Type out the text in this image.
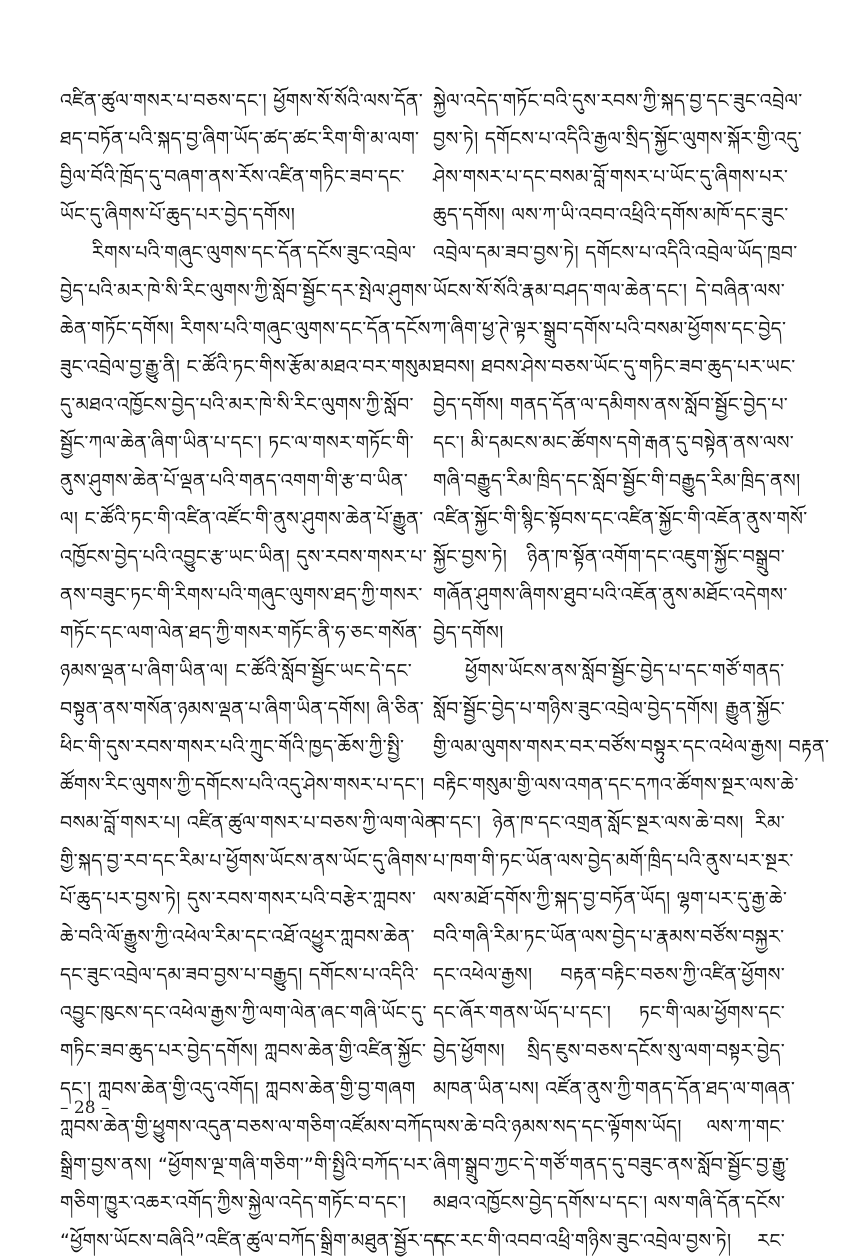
འཛིན་ཚུལ་གསར་པ་བཅས་དང་། ཕྱོགས་སོ་སོའི་ལས་དོན་
ཐད་བཏོན་པའི་སྐད་བྱ་ཞིག་ཡོད་ཚད་ཚང་རིག་གི་མ་ལག་
བྱིལ་བོའི་ཁྲོད་དུ་བཞག་ནས་རོས་འཛིན་གཏིང་ཟབ་དང་
ཡོང་དུ་ཞིགས་པོ་ཆུད་པར་བྱེད་དགོས།
རིགས་པའི་གཞུང་ལུགས་དང་དོན་དངོས་ཟུང་འབྲེལ་
བྱེད་པའི་མར་ཁེ་སི་རིང་ལུགས་ཀྱི་སློབ་སྦྱོང་དར་སྤེལ་ཤུགས་
ཆེན་གཏོང་དགོས། རིགས་པའི་གཞུང་ལུགས་དང་དོན་དངོས་
ཟུང་འབྲེལ་བྱ་རྒྱུ་ནི། ང་ཚོའི་ཏང་གིས་རྩོམ་མཐའ་བར་གསུམ་
དུ་མཐའ་འཁྱོངས་བྱེད་པའི་མར་ཁེ་སི་རིང་ལུགས་ཀྱི་སློབ་
སྦྱོང་ཀལ་ཆེན་ཞིག་ཡིན་པ་དང་། ཏང་ལ་གསར་གཏོང་གི་
ནུས་ཤུགས་ཆེན་པོ་ལྡན་པའི་གནད་འགག་གི་རྩ་བ་ཡིན་
ལ། ང་ཚོའི་ཏང་གི་འཛིན་འཛོང་གི་ནུས་ཤུགས་ཆེན་པོ་རྒྱུན་
འཁྱོངས་བྱེད་པའི་འབྱུང་རྩ་ཡང་ཡིན། དུས་རབས་གསར་པ་
ནས་བཟུང་ཏང་གི་རིགས་པའི་གཞུང་ལུགས་ཐད་ཀྱི་གསར་
གཏོང་དང་ལག་ལེན་ཐད་ཀྱི་གསར་གཏོང་ནི་ཧ་ཅང་གསོན་
ཉམས་ལྡན་པ་ཞིག་ཡིན་ལ། ང་ཚོའི་སློབ་སྦྱོང་ཡང་དེ་དང་
བསྟུན་ནས་གསོན་ཉམས་ལྡན་པ་ཞིག་ཡིན་དགོས། ཞི་ཅིན་
ཕིང་གི་དུས་རབས་གསར་པའི་ཀྲུང་གོའི་ཁྱད་ཆོས་ཀྱི་སྤྱི་
ཚོགས་རིང་ལུགས་ཀྱི་དགོངས་པའི་འདུ་ཤེས་གསར་པ་དང་།
བསམ་བློ་གསར་པ། འཛིན་ཚུལ་གསར་པ་བཅས་ཀྱི་ལག་ལེན་
གྱི་སྐད་བྱ་རབ་དང་རིམ་པ་ཕྱོགས་ཡོངས་ནས་ཡོང་དུ་ཞིགས་
པོ་ཆུད་པར་བྱས་ཏེ། དུས་རབས་གསར་པའི་བརྩེར་ཀླབས་
ཆེ་བའི་ལོ་རྒྱུས་ཀྱི་འཕེལ་རིམ་དང་འཐོ་འཕྱུར་ཀླབས་ཆེན་
དང་ཟུང་འབྲེལ་དམ་ཟབ་བྱས་པ་བརྒྱུད། དགོངས་པ་འདིའི་
འབྱུང་ཁུངས་དང་འཕེལ་རྒྱས་ཀྱི་ལག་ལེན་ཞང་གཞི་ཡོང་དུ་
གཏིང་ཟབ་ཆུད་པར་བྱེད་དགོས། ཀླབས་ཆེན་གྱི་འཛིན་སྐྱོང་
དང་། ཀླབས་ཆེན་གྱི་འདུ་འགོད། ཀླབས་ཆེན་གྱི་བྱ་གཞག
ཀླབས་ཆེན་གྱི་ཕྱུགས་འདུན་བཅས་ལ་གཅིག་འཛོམས་བཀོད་
སྒྲིག་བྱས་ནས། “ཕྱོགས་ལྔ་གཞི་གཅིག་”གི་སྤྱིའི་བཀོད་པར་
གཅིག་ཁྱུར་འཆར་འགོད་ཀྱིས་སྐྱེལ་འདེད་གཏོང་བ་དང་།
“ཕྱོགས་ཡོངས་བཞིའི”འཛིན་ཚུལ་བཀོད་སྒྲིག་མཐུན་སྦྱོར་དང་
སྐྱེལ་འདེད་གཏོང་བའི་དུས་རབས་ཀྱི་སྐད་བྱ་དང་ཟུང་འབྲེལ་
བྱས་ཏེ། དགོངས་པ་འདིའི་རྒྱལ་སྲིད་སྐྱོང་ལུགས་སྐོར་གྱི་འདུ་
ཤེས་གསར་པ་དང་བསམ་བློ་གསར་པ་ཡོང་དུ་ཞིགས་པར་
ཆུད་དགོས། ལས་ཀ་ཡི་འབབ་འཕྲིའི་དགོས་མཁོ་དང་ཟུང་
འབྲེལ་དམ་ཟབ་བྱས་ཏེ། དགོངས་པ་འདིའི་འབྲེལ་ཡོད་ཁྲབ་
ཡོངས་སོ་སོའི་རྣམ་བཤད་གལ་ཆེན་དང་། དེ་བཞིན་ལས་
ཀ་ཞིག་ཕྱ་ཊེ་ལྟར་སྒྲུབ་དགོས་པའི་བསམ་ཕྱོགས་དང་བྱེད་
ཐབས། ཐབས་ཤེས་བཅས་ཡོང་དུ་གཏིང་ཟབ་ཆུད་པར་ཡང་
བྱེད་དགོས། གནད་དོན་ལ་དམིགས་ནས་སློབ་སྦྱོང་བྱེད་པ་
དང་། མི་དམངས་མང་ཚོགས་དགེ་རྒན་དུ་བསྟེན་ནས་ལས་
གཞི་བརྒྱུད་རིམ་ཁྲིད་དང་སློབ་སྦྱོང་གི་བརྒྱུད་རིམ་ཁྲིད་ནས།
འཛིན་སྐྱོང་གི་སྙིང་སྟོབས་དང་འཛིན་སྐྱོང་གི་འཇོན་ནུས་གསོ་
སྐྱོང་བྱས་ཏེ། ཉིན་ཁ་སྟོན་འགོག་དང་འཇུག་སྐྱོང་བསྒྲུབ་
གཞོན་ཤུགས་ཞིགས་ཐུབ་པའི་འཇོན་ནུས་མཐོང་འདེགས་
བྱེད་དགོས།
ཕྱོགས་ཡོངས་ནས་སློབ་སྦྱོང་བྱེད་པ་དང་གཙོ་གནད་
སློབ་སྦྱོང་བྱེད་པ་གཉིས་ཟུང་འབྲེལ་བྱེད་དགོས། རྒྱུན་སྐྱོང་
གྱི་ལམ་ལུགས་གསར་བར་བཙོས་བསྟུར་དང་འཕེལ་རྒྱས། བརྟན་
བརྟིང་གསུམ་གྱི་ལས་འགན་དང་དཀའ་ཚོགས་སྔར་ལས་ཆེ་
བ་དང་། ཉེན་ཁ་དང་འགྲན་སློང་སྔར་ལས་ཆེ་བས། རིམ་
པ་ཁག་གི་ཏང་ཡོན་ལས་བྱེད་མགོ་ཁྲིད་པའི་ནུས་པར་སྔར་
ལས་མཐོ་དགོས་ཀྱི་སྐད་བྱ་བཏོན་ཡོད། ལྷག་པར་དུ་རྒྱ་ཆེ་
བའི་གཞི་རིམ་ཏང་ཡོན་ལས་བྱེད་པ་རྣམས་བཙོས་བསྐྱར་
དང་འཕེལ་རྒྱས། བརྟན་བརྟིང་བཅས་ཀྱི་འཛིན་ཕྱོགས་
དང་ཞོར་གནས་ཡོད་པ་དང་། ཏང་གི་ལམ་ཕྱོགས་དང་
བྱེད་ཕྱོགས། སྲིད་ཇུས་བཅས་དངོས་སུ་ལག་བསྟར་བྱེད་
མཁན་ཡིན་པས། འཛོན་ནུས་ཀྱི་གནད་དོན་ཐད་ལ་གཞན་
ལས་ཆེ་བའི་ཉམས་སད་དང་ལྟོགས་ཡོད། ལས་ཀ་གང་
ཞིག་སྒྲུབ་ཀྱང་དེ་གཙོ་གནད་དུ་བཟུང་ནས་སློབ་སྦྱོང་བྱ་རྒྱུ་
མཐའ་འཁྱོངས་བྱེད་དགོས་པ་དང་། ལས་གཞི་དོན་དངོས་
དང་རང་གི་འབབ་འཕྲི་གཉིས་ཟུང་འབྲེལ་བྱས་ཏེ། རང་
– 28 –
